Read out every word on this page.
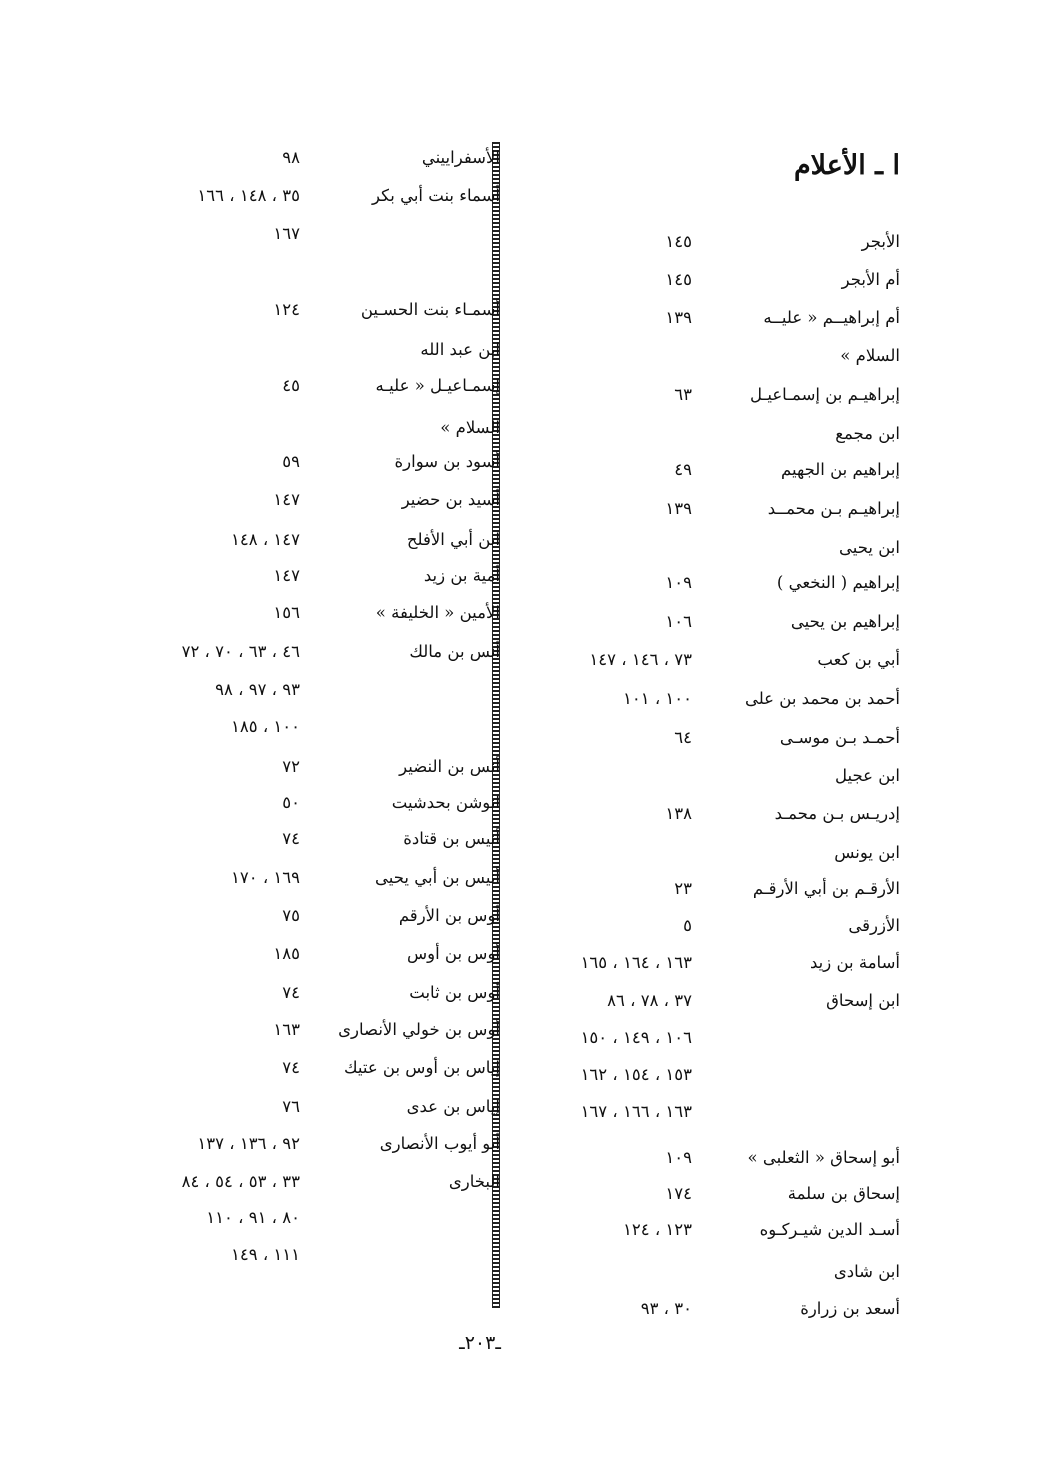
ا ـ الأعلام
الأبجر
١٤٥
أم الأبجر
١٤٥
أم إبراهيــم « عليــه
١٣٩
السلام »
إبراهيـم بن إسمـاعيـل
٦٣
ابن مجمع
إبراهيم بن الجهيم
٤٩
إبراهيـم بـن محمــد
١٣٩
ابن يحيى
إبراهيم ( النخعي )
١٠٩
إبراهيم بن يحيى
١٠٦
أبي بن كعب
٧٣ ، ١٤٦ ، ١٤٧
أحمد بن محمد بن على
١٠٠ ، ١٠١
أحمـد بـن موسـى
٦٤
ابن عجيل
إدريـس بـن محمـد
١٣٨
ابن يونس
الأرقـم بن أبي الأرقـم
٢٣
الأزرقى
٥
أسامة بن زيد
١٦٣ ، ١٦٤ ، ١٦٥
ابن إسحاق
٣٧ ، ٧٨ ، ٨٦
١٠٦ ، ١٤٩ ، ١٥٠
١٥٣ ، ١٥٤ ، ١٦٢
١٦٣ ، ١٦٦ ، ١٦٧
أبو إسحاق « الثعلبى »
١٠٩
إسحاق بن سلمة
١٧٤
أسـد الدين شيـركـوه
١٢٣ ، ١٢٤
ابن شادى
أسعد بن زرارة
٣٠ ، ٩٣
الأسفراييني
٩٨
أسماء بنت أبي بكر
٣٥ ، ١٤٨ ، ١٦٦
١٦٧
أسمـاء بنت الحسـين
١٢٤
ابن عبد الله
إسمـاعيـل « عليـه
٤٥
السلام »
أسود بن سوارة
٥٩
أسيد بن حضير
١٤٧
ابن أبي الأفلح
١٤٧ ، ١٤٨
أمية بن زيد
١٤٧
الأمين « الخليفة »
١٥٦
أنس بن مالك
٤٦ ، ٦٣ ، ٧٠ ، ٧٢
٩٣ ، ٩٧ ، ٩٨
١٠٠ ، ١٨٥
أنس بن النضير
٧٢
انوشن بحدشيت
٥٠
أنيس بن قتادة
٧٤
أنيس بن أبي يحيى
١٦٩ ، ١٧٠
أوس بن الأرقم
٧٥
أوس بن أوس
١٨٥
أوس بن ثابت
٧٤
أوس بن خولي الأنصارى
١٦٣
إياس بن أوس بن عتيك
٧٤
إياس بن عدى
٧٦
أبو أيوب الأنصارى
٩٢ ، ١٣٦ ، ١٣٧
البخارى
٣٣ ، ٥٣ ، ٥٤ ، ٨٤
٨٠ ، ٩١ ، ١١٠
١١١ ، ١٤٩
ـ٢٠٣ـ
